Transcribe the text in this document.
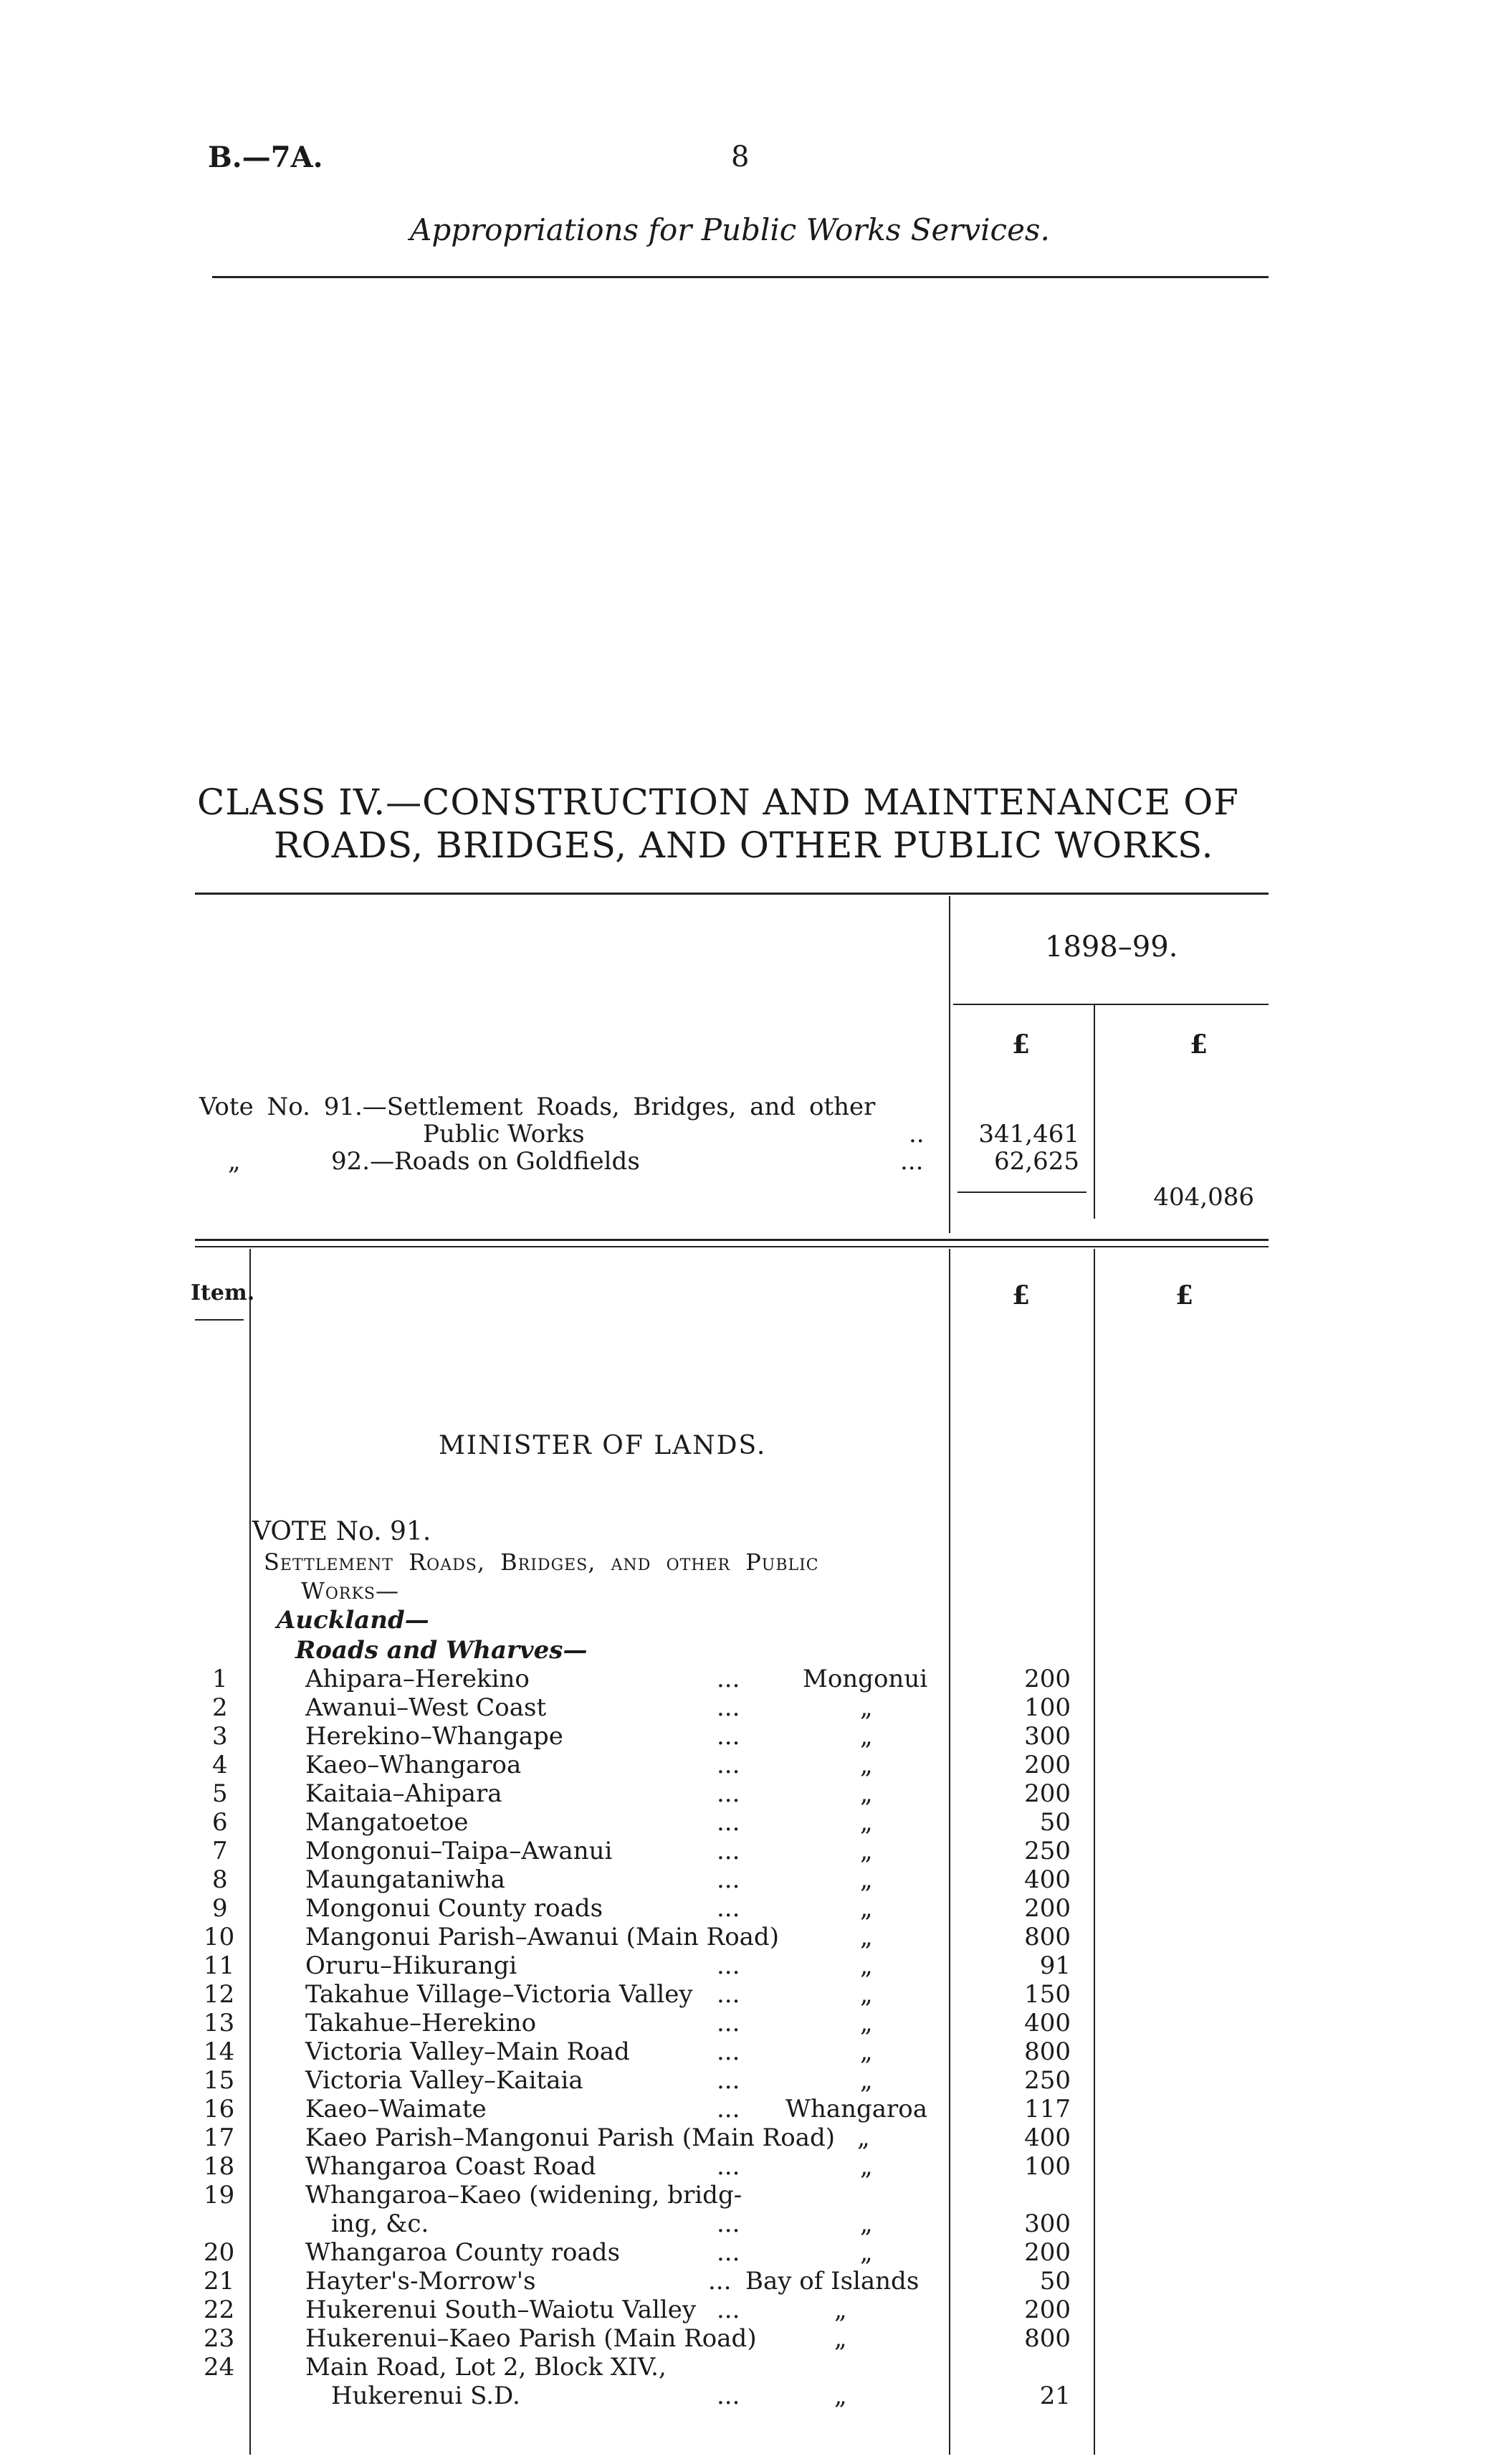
B.—7A.	8
Appropriations for Public Works Services.
CLASS IV.—CONSTRUCTION AND MAINTENANCE OF
ROADS, BRIDGES, AND OTHER PUBLIC WORKS.
1898–99.
£	£
Vote No. 91.—Settlement Roads, Bridges, and other
Public Works	..	341,461
„	92.—Roads on Goldfields	...	62,625
404,086
Item.	£	£
MINISTER OF LANDS.
VOTE No. 91.
Settlement Roads, Bridges, and other Public
Works—
Auckland—
Roads and Wharves—
1	Ahipara–Herekino	...	Mongonui	200
2	Awanui–West Coast	...	„	100
3	Herekino–Whangape	...	„	300
4	Kaeo–Whangaroa	...	„	200
5	Kaitaia–Ahipara	...	„	200
6	Mangatoetoe	...	„	50
7	Mongonui–Taipa–Awanui	...	„	250
8	Maungataniwha	...	„	400
9	Mongonui County roads	...	„	200
10	Mangonui Parish–Awanui (Main Road)	„	800
11	Oruru–Hikurangi	...	„	91
12	Takahue Village–Victoria Valley ...	„	150
13	Takahue–Herekino	...	„	400
14	Victoria Valley–Main Road	...	„	800
15	Victoria Valley–Kaitaia	...	„	250
16	Kaeo–Waimate	... Whangaroa	117
17	Kaeo Parish–Mangonui Parish (Main Road) „	400
18	Whangaroa Coast Road	...	„	100
19	Whangaroa–Kaeo (widening, bridg-
ing, &c.	...	„	300
20	Whangaroa County roads	...	„	200
21	Hayter's-Morrow's	... Bay of Islands	50
22	Hukerenui South–Waiotu Valley ...	„	200
23	Hukerenui–Kaeo Parish (Main Road)	„	800
24	Main Road, Lot 2, Block XIV.,
Hukerenui S.D.	...	„	21
